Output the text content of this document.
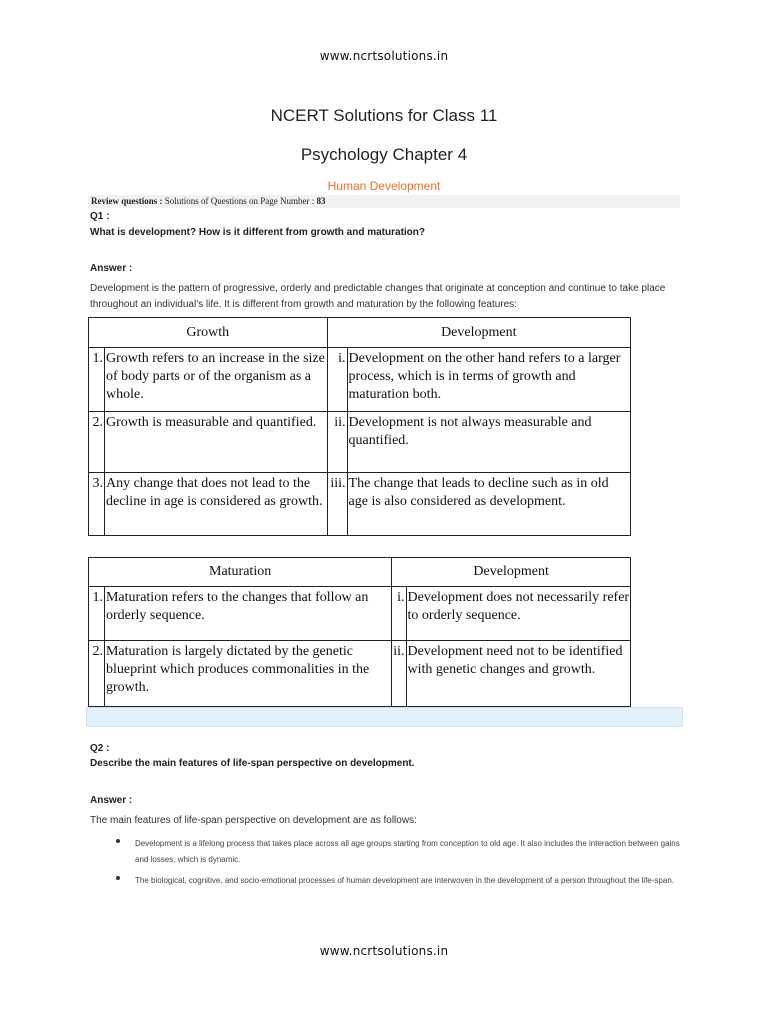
www.ncrtsolutions.in
NCERT Solutions for Class 11
Psychology Chapter 4
Human Development
Review questions : Solutions of Questions on Page Number : 83
Q1 :
What is development? How is it different from growth and maturation?
Answer :
Development is the pattern of progressive, orderly and predictable changes that originate at conception and continue to take place throughout an individual's life. It is different from growth and maturation by the following features:
Growth		Development	
1.	Growth refers to an increase in the size of body parts or of the organism as a whole.	i.	Development on the other hand refers to a larger process, which is in terms of growth and maturation both.
2.	Growth is measurable and quantified.	ii.	Development is not always measurable and quantified.
3.	Any change that does not lead to the decline in age is considered as growth.	iii.	The change that leads to decline such as in old age is also considered as development.
Maturation		Development	
1.	Maturation refers to the changes that follow an orderly sequence.	i.	Development does not necessarily refer to orderly sequence.
2.	Maturation is largely dictated by the genetic blueprint which produces commonalities in the growth.	ii.	Development need not to be identified with genetic changes and growth.
Q2 :
Describe the main features of life-span perspective on development.
Answer :
The main features of life-span perspective on development are as follows:
Development is a lifelong process that takes place across all age groups starting from conception to old age. It also includes the interaction between gains and losses, which is dynamic.
The biological, cognitive, and socio-emotional processes of human development are interwoven in the development of a person throughout the life-span.
www.ncrtsolutions.in
